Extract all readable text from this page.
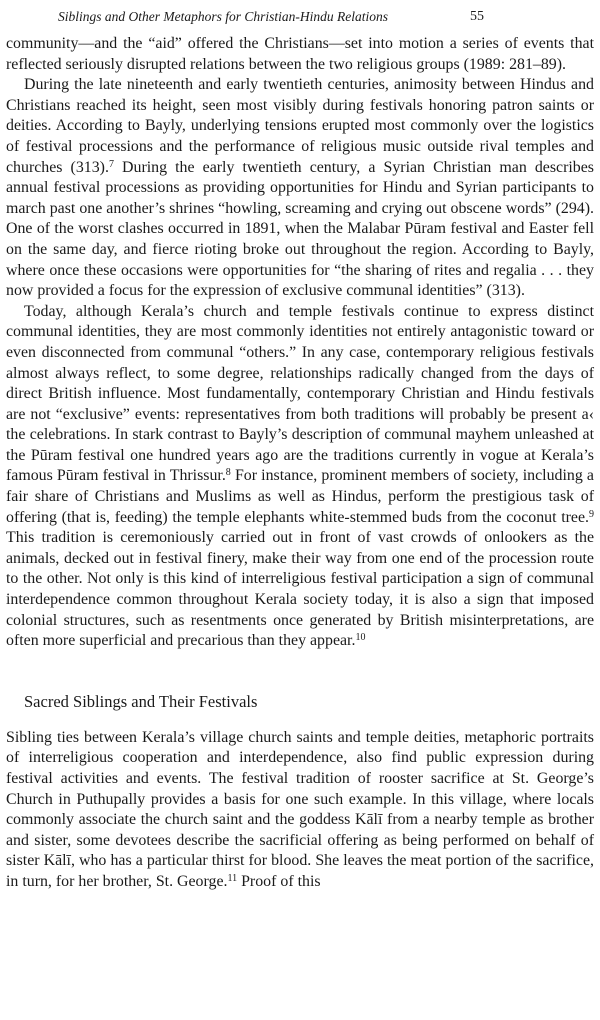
Siblings and Other Metaphors for Christian-Hindu Relations	55

community—and the “aid” offered the Christians—set into motion a series of events that reflected seriously disrupted relations between the two religious groups (1989: 281–89).

During the late nineteenth and early twentieth centuries, animosity between Hindus and Christians reached its height, seen most visibly during festivals honoring patron saints or deities. According to Bayly, underlying tensions erupted most commonly over the logistics of festival processions and the performance of religious music outside rival temples and churches (313).$^7$ During the early twentieth century, a Syrian Christian man describes annual festival processions as providing opportunities for Hindu and Syrian participants to march past one another’s shrines “howling, screaming and crying out obscene words” (294). One of the worst clashes occurred in 1891, when the Malabar Pūram festival and Easter fell on the same day, and fierce rioting broke out throughout the region. According to Bayly, where once these occasions were opportunities for “the sharing of rites and regalia . . . they now provided a focus for the expression of exclusive communal identities” (313).

Today, although Kerala’s church and temple festivals continue to express distinct communal identities, they are most commonly identities not entirely antagonistic toward or even disconnected from communal “others.” In any case, contemporary religious festivals almost always reflect, to some degree, relationships radically changed from the days of direct British influence. Most fundamentally, contemporary Christian and Hindu festivals are not “exclusive” events: representatives from both traditions will probably be present a‹ the celebrations. In stark contrast to Bayly’s description of communal mayhem unleashed at the Pūram festival one hundred years ago are the traditions currently in vogue at Kerala’s famous Pūram festival in Thrissur.$^8$ For instance, prominent members of society, including a fair share of Christians and Muslims as well as Hindus, perform the prestigious task of offering (that is, feeding) the temple elephants white-stemmed buds from the coconut tree.$^9$ This tradition is ceremoniously carried out in front of vast crowds of onlookers as the animals, decked out in festival finery, make their way from one end of the procession route to the other. Not only is this kind of interreligious festival participation a sign of communal interdependence common throughout Kerala society today, it is also a sign that imposed colonial structures, such as resentments once generated by British misinterpretations, are often more superficial and precarious than they appear.$^{10}$

Sacred Siblings and Their Festivals

Sibling ties between Kerala’s village church saints and temple deities, metaphoric portraits of interreligious cooperation and interdependence, also find public expression during festival activities and events. The festival tradition of rooster sacrifice at St. George’s Church in Puthupally provides a basis for one such example. In this village, where locals commonly associate the church saint and the goddess Kālī from a nearby temple as brother and sister, some devotees describe the sacrificial offering as being performed on behalf of sister Kālī, who has a particular thirst for blood. She leaves the meat portion of the sacrifice, in turn, for her brother, St. George.$^{11}$ Proof of this
